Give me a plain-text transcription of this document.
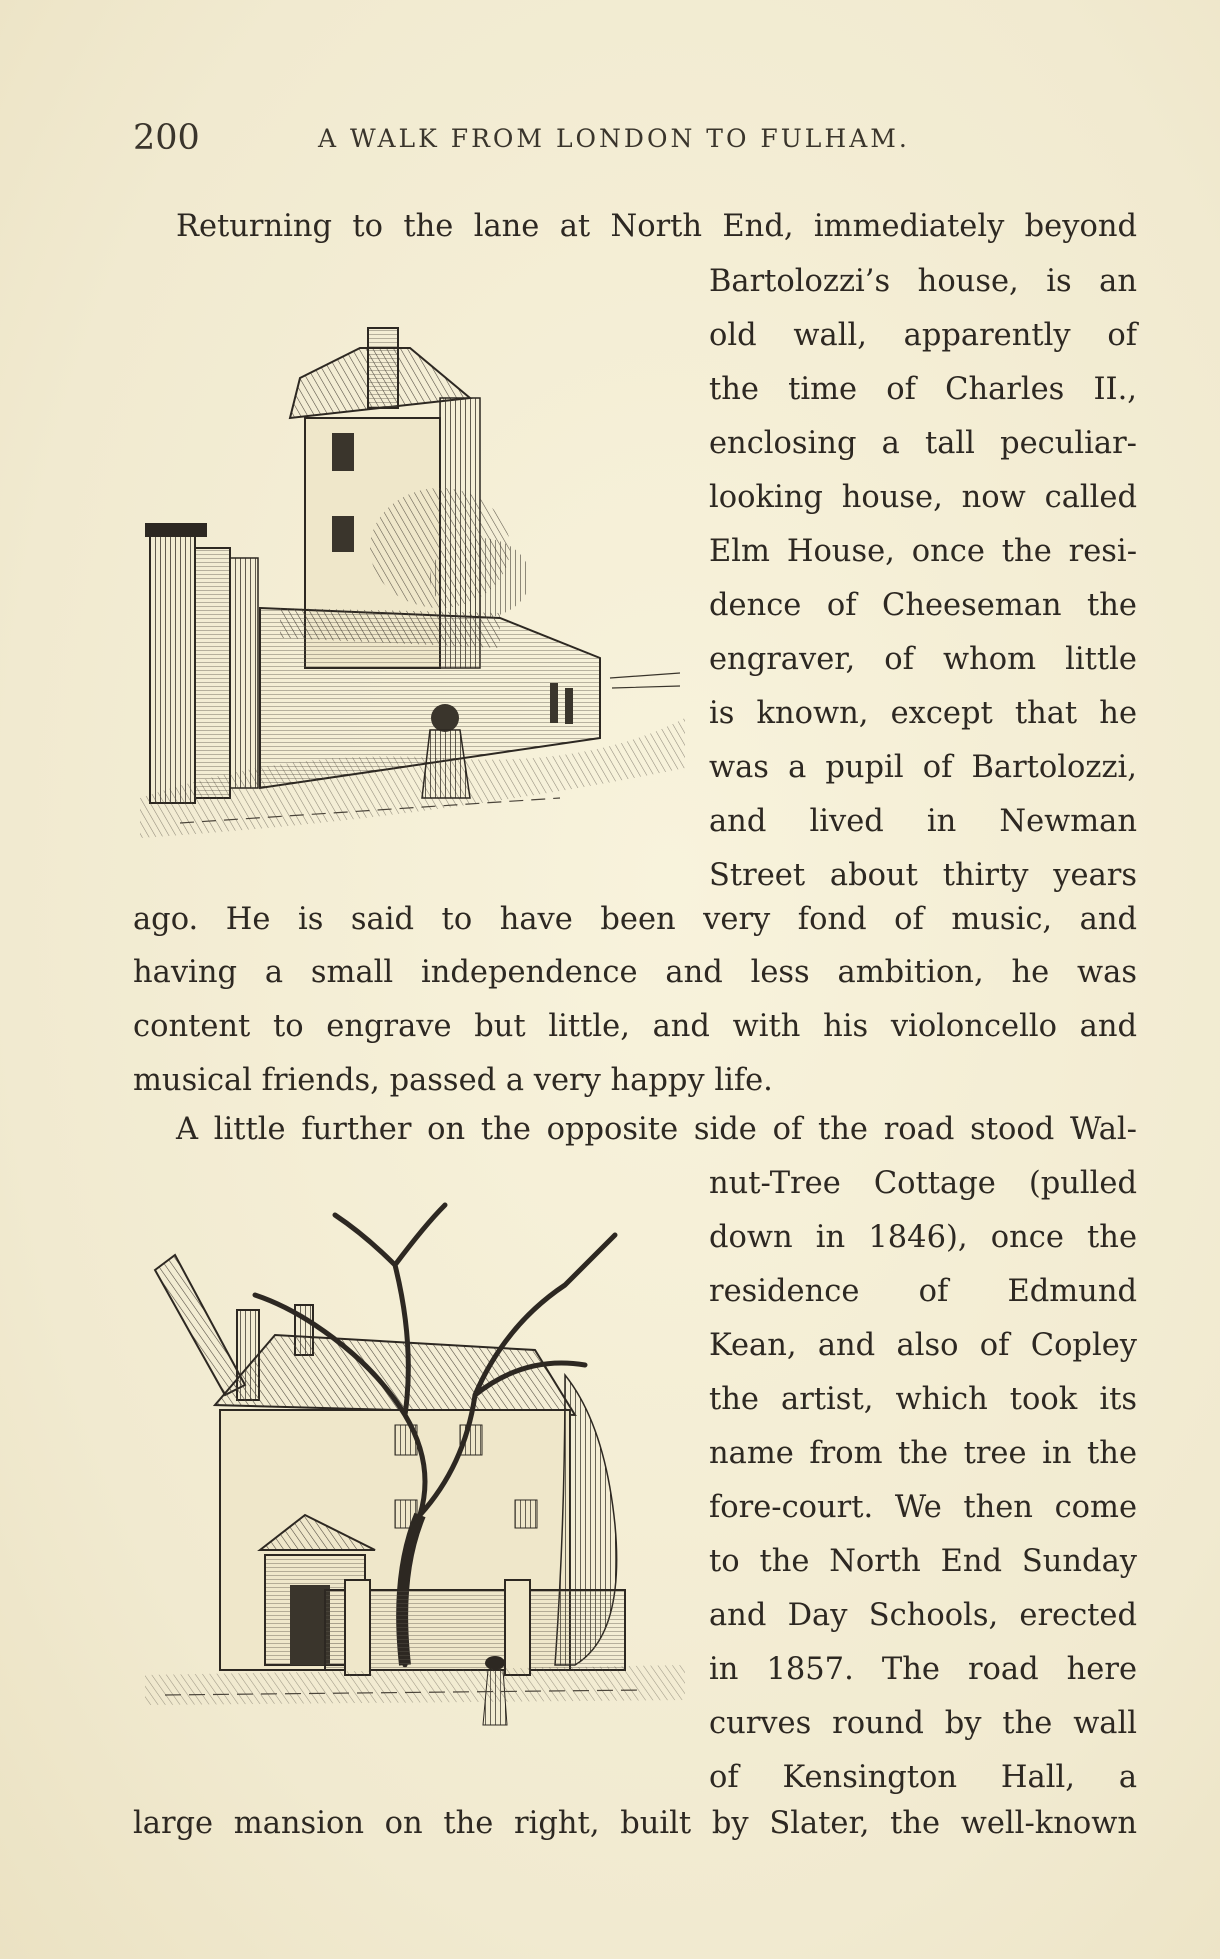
200	A WALK FROM LONDON TO FULHAM.
Returning to the lane at North End, immediately beyond
Bartolozzi’s house, is an
old wall, apparently of
the time of Charles II.,
enclosing a tall peculiar-
looking house, now called
Elm House, once the resi-
dence of Cheeseman the
engraver, of whom little
is known, except that he
was a pupil of Bartolozzi,
and lived in Newman
Street about thirty years
ago. He is said to have been very fond of music, and
having a small independence and less ambition, he was
content to engrave but little, and with his violoncello and
musical friends, passed a very happy life.
A little further on the opposite side of the road stood Wal-
nut-Tree Cottage (pulled
down in 1846), once the
residence of Edmund
Kean, and also of Copley
the artist, which took its
name from the tree in the
fore-court. We then come
to the North End Sunday
and Day Schools, erected
in 1857. The road here
curves round by the wall
of Kensington Hall, a
large mansion on the right, built by Slater, the well-known
